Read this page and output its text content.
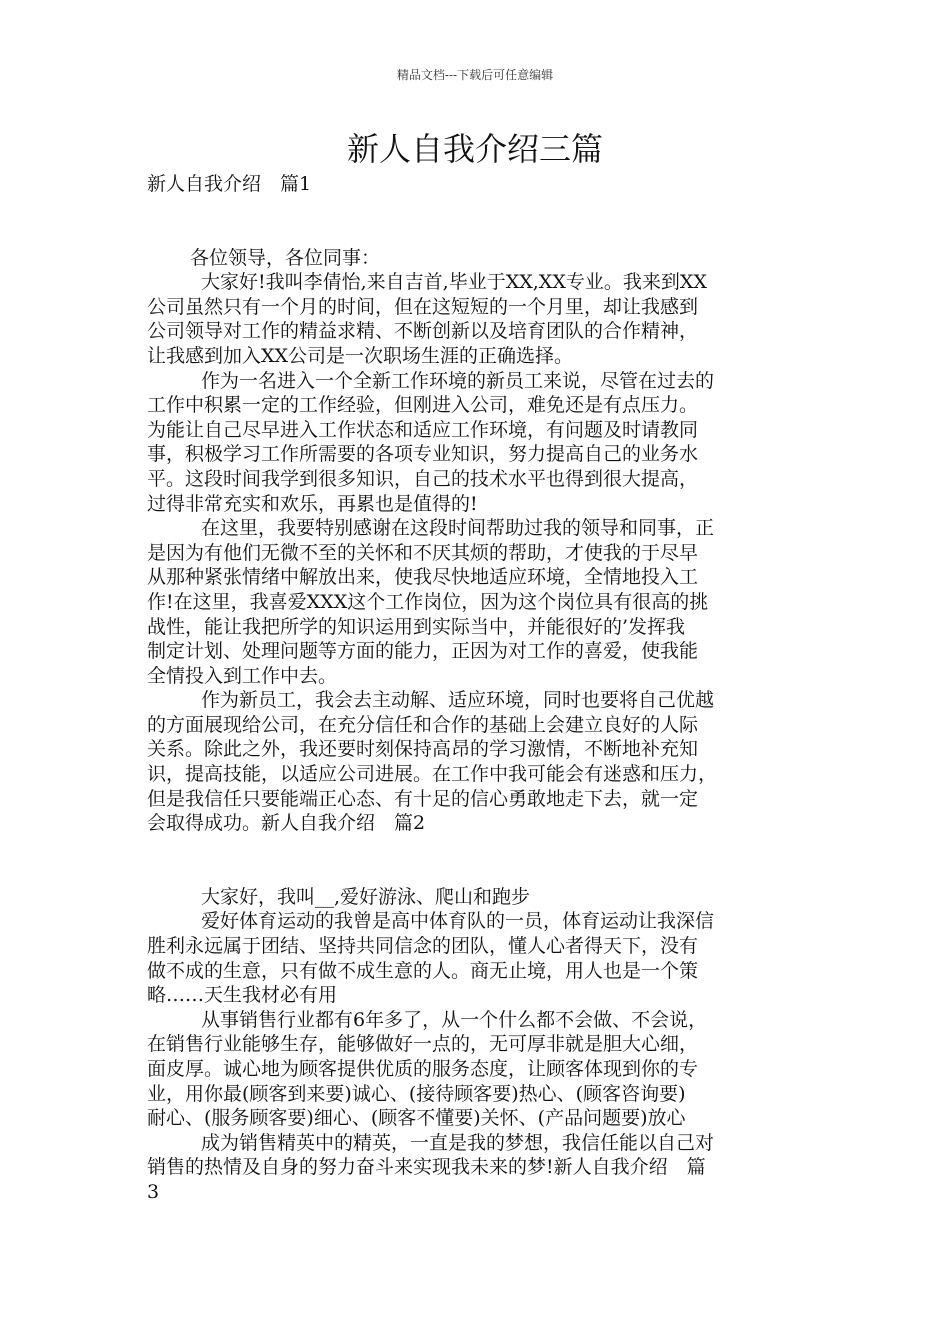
精品文档---下载后可任意编辑
新人自我介绍三篇

新人自我介绍　篇1

各位领导，各位同事：

大家好!我叫李倩怡,来自吉首,毕业于XX,XX专业。我来到XX
公司虽然只有一个月的时间，但在这短短的一个月里，却让我感到
公司领导对工作的精益求精、不断创新以及培育团队的合作精神，
让我感到加入XX公司是一次职场生涯的正确选择。

作为一名进入一个全新工作环境的新员工来说，尽管在过去的
工作中积累一定的工作经验，但刚进入公司，难免还是有点压力。
为能让自己尽早进入工作状态和适应工作环境，有问题及时请教同
事，积极学习工作所需要的各项专业知识，努力提高自己的业务水
平。这段时间我学到很多知识，自己的技术水平也得到很大提高，
过得非常充实和欢乐，再累也是值得的!

在这里，我要特别感谢在这段时间帮助过我的领导和同事，正
是因为有他们无微不至的关怀和不厌其烦的帮助，才使我的于尽早
从那种紧张情绪中解放出来，使我尽快地适应环境，全情地投入工
作!在这里，我喜爱XXX这个工作岗位，因为这个岗位具有很高的挑
战性，能让我把所学的知识运用到实际当中，并能很好的’发挥我
制定计划、处理问题等方面的能力，正因为对工作的喜爱，使我能
全情投入到工作中去。

作为新员工，我会去主动解、适应环境，同时也要将自己优越
的方面展现给公司，在充分信任和合作的基础上会建立良好的人际
关系。除此之外，我还要时刻保持高昂的学习激情，不断地补充知
识，提高技能，以适应公司进展。在工作中我可能会有迷惑和压力，
但是我信任只要能端正心态、有十足的信心勇敢地走下去，就一定
会取得成功。新人自我介绍　篇2

大家好，我叫__,爱好游泳、爬山和跑步

爱好体育运动的我曾是高中体育队的一员，体育运动让我深信
胜利永远属于团结、坚持共同信念的团队，懂人心者得天下，没有
做不成的生意，只有做不成生意的人。商无止境，用人也是一个策
略……天生我材必有用

从事销售行业都有6年多了，从一个什么都不会做、不会说，
在销售行业能够生存，能够做好一点的，无可厚非就是胆大心细，
面皮厚。诚心地为顾客提供优质的服务态度，让顾客体现到你的专
业，用你最(顾客到来要)诚心、(接待顾客要)热心、(顾客咨询要)
耐心、(服务顾客要)细心、(顾客不懂要)关怀、(产品问题要)放心

成为销售精英中的精英，一直是我的梦想，我信任能以自己对
销售的热情及自身的努力奋斗来实现我未来的梦!新人自我介绍　篇
3
